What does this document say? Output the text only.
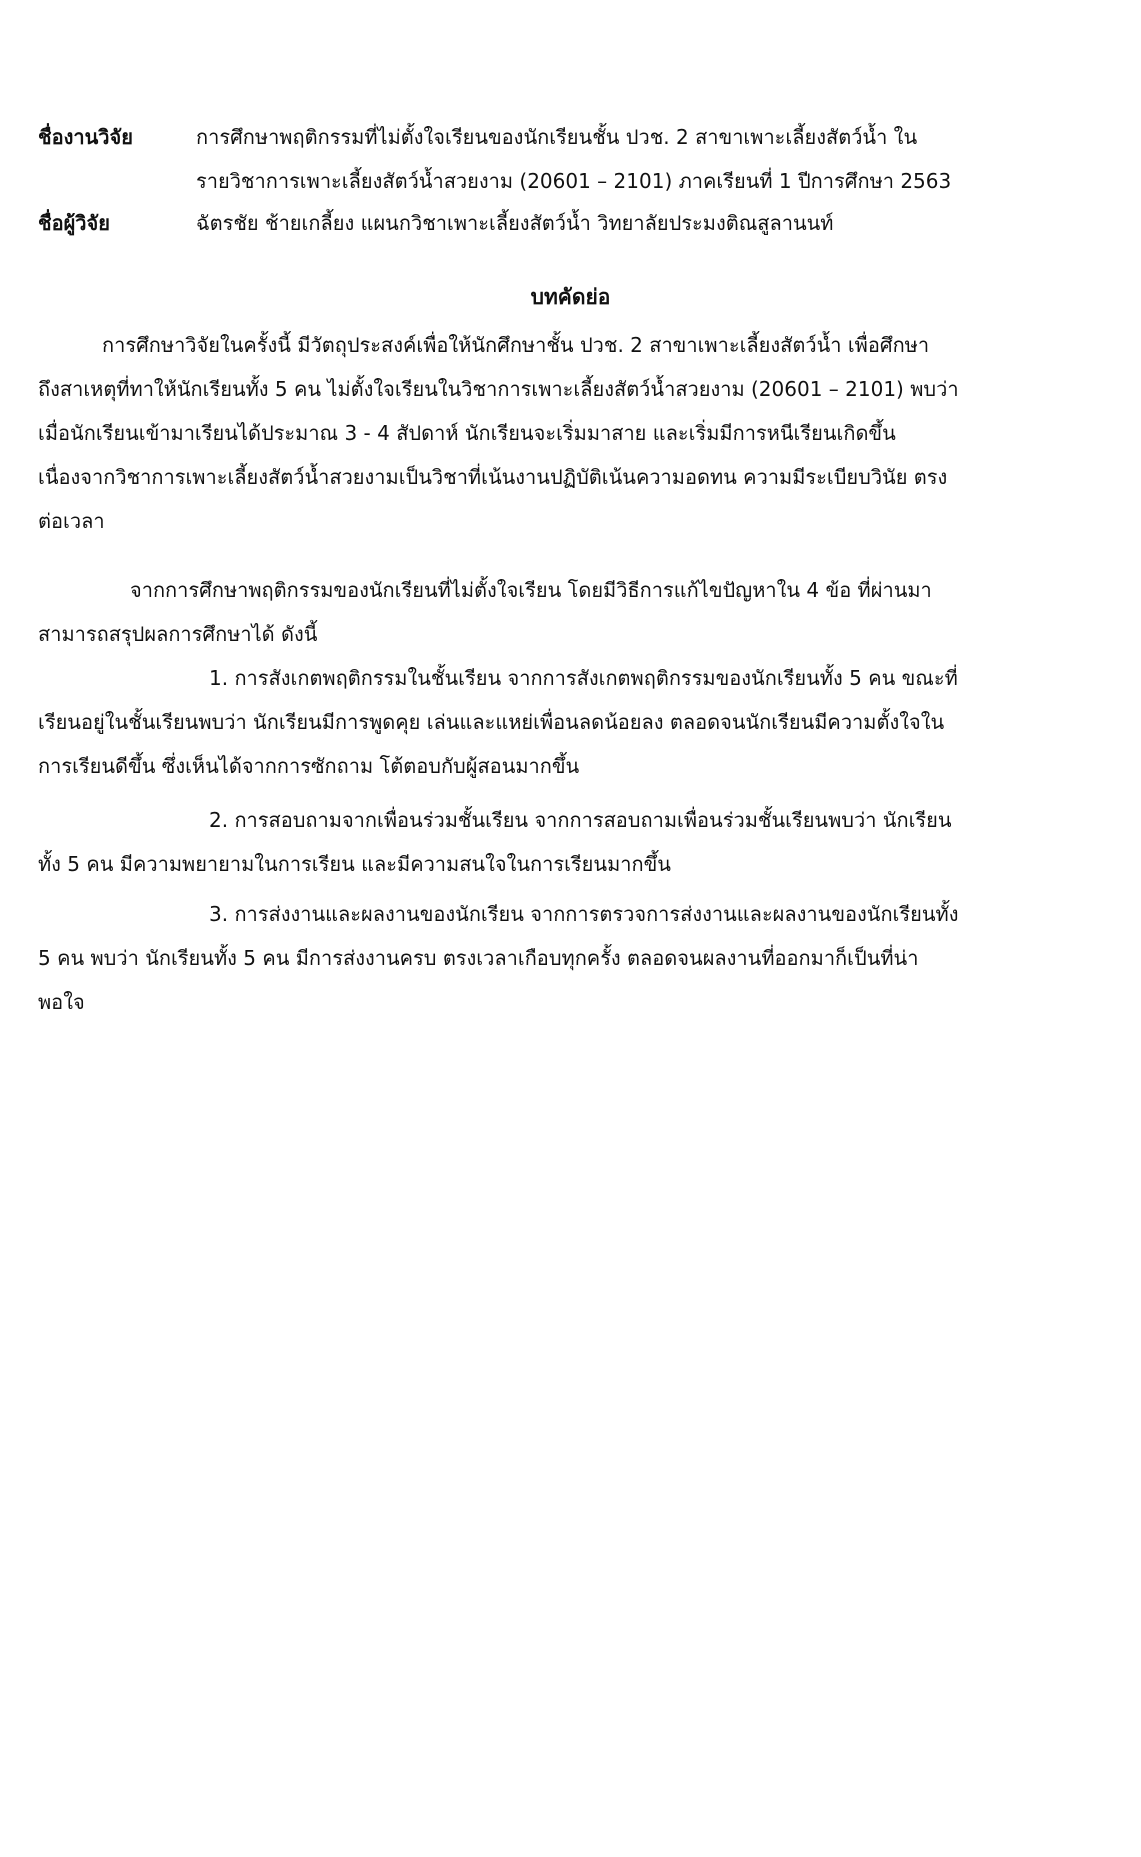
ชื่องานวิจัย	การศึกษาพฤติกรรมที่ไม่ตั้งใจเรียนของนักเรียนชั้น ปวช. 2 สาขาเพาะเลี้ยงสัตว์น้ำ ใน
รายวิชาการเพาะเลี้ยงสัตว์น้ำสวยงาม (20601 – 2101) ภาคเรียนที่ 1 ปีการศึกษา 2563
ชื่อผู้วิจัย	ฉัตรชัย ช้ายเกลี้ยง แผนกวิชาเพาะเลี้ยงสัตว์น้ำ วิทยาลัยประมงติณสูลานนท์
บทคัดย่อ
การศึกษาวิจัยในครั้งนี้ มีวัตถุประสงค์เพื่อให้นักศึกษาชั้น ปวช. 2 สาขาเพาะเลี้ยงสัตว์น้ำ เพื่อศึกษา
ถึงสาเหตุที่ทาให้นักเรียนทั้ง 5 คน ไม่ตั้งใจเรียนในวิชาการเพาะเลี้ยงสัตว์น้ำสวยงาม (20601 – 2101) พบว่า
เมื่อนักเรียนเข้ามาเรียนได้ประมาณ 3 - 4 สัปดาห์ นักเรียนจะเริ่มมาสาย และเริ่มมีการหนีเรียนเกิดขึ้น
เนื่องจากวิชาการเพาะเลี้ยงสัตว์น้ำสวยงามเป็นวิชาที่เน้นงานปฏิบัติเน้นความอดทน ความมีระเบียบวินัย ตรง
ต่อเวลา
จากการศึกษาพฤติกรรมของนักเรียนที่ไม่ตั้งใจเรียน โดยมีวิธีการแก้ไขปัญหาใน 4 ข้อ ที่ผ่านมา
สามารถสรุปผลการศึกษาได้ ดังนี้
1. การสังเกตพฤติกรรมในชั้นเรียน จากการสังเกตพฤติกรรมของนักเรียนทั้ง 5 คน ขณะที่
เรียนอยู่ในชั้นเรียนพบว่า นักเรียนมีการพูดคุย เล่นและแหย่เพื่อนลดน้อยลง ตลอดจนนักเรียนมีความตั้งใจใน
การเรียนดีขึ้น ซึ่งเห็นได้จากการซักถาม โต้ตอบกับผู้สอนมากขึ้น
2. การสอบถามจากเพื่อนร่วมชั้นเรียน จากการสอบถามเพื่อนร่วมชั้นเรียนพบว่า นักเรียน
ทั้ง 5 คน มีความพยายามในการเรียน และมีความสนใจในการเรียนมากขึ้น
3. การส่งงานและผลงานของนักเรียน จากการตรวจการส่งงานและผลงานของนักเรียนทั้ง
5 คน พบว่า นักเรียนทั้ง 5 คน มีการส่งงานครบ ตรงเวลาเกือบทุกครั้ง ตลอดจนผลงานที่ออกมาก็เป็นที่น่า
พอใจ
